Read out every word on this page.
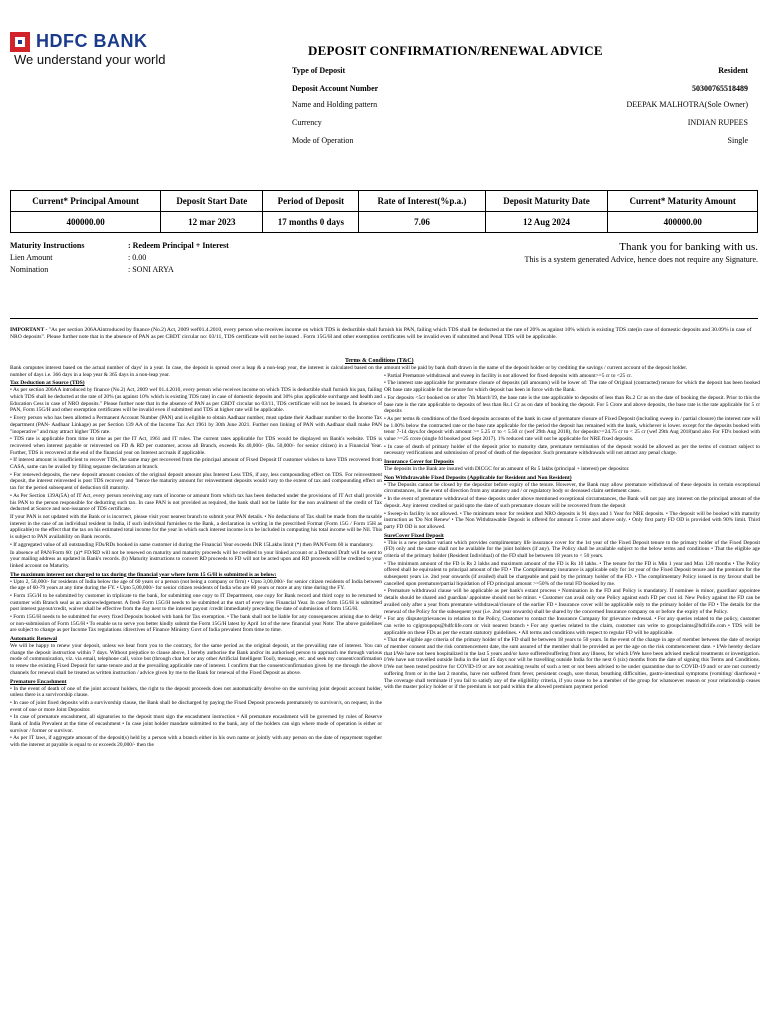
HDFC BANK
We understand your world
DEPOSIT CONFIRMATION/RENEWAL ADVICE
Type of Deposit	Resident
Deposit Account Number	50300765518489
Name and Holding pattern	DEEPAK MALHOTRA(Sole Owner)
Currency	INDIAN RUPEES
Mode of Operation	Single
Current* Principal Amount	Deposit Start Date	Period of Deposit	Rate of Interest(%p.a.)	Deposit Maturity Date	Current* Maturity Amount
400000.00	12 mar 2023	17 months 0 days	7.06	12 Aug 2024	400000.00
Maturity Instructions	: Redeem Principal + Interest
Lien Amount	: 0.00
Nomination	: SONI ARYA
Thank you for banking with us.
This is a system generated Advice, hence does not require any Signature.
IMPORTANT - "As per section 206AAintroduced by finance (No.2) Act, 2009 wef01.4.2010, every person who receives income on which TDS is deductible shall furnish his PAN, failing which TDS shall be deducted at the rate of 20% as against 10% which is existing TDS rate(in case of domestic deposits and 30.09% in case of NRO deposits". Please further note that in the absence of PAN as per CBDT circular no: 03/11, TDS certificate will not be issued . Form 15G/H and other exemption certificates will be invalid even if submitted and Penal TDS will be applicable.
Terms & Conditions (T&C)

Bank computes interest based on the actual number of days' in a year. In case, the deposit is spread over a leap & a non-leap year, the interest is calculated based on the number of days i.e. 366 days in a leap year & 365 days in a non-leap year.

Tax Deduction at Source (TDS)

• As per section 206AA introduced by finance (No.2) Act, 2009 wef 01.4.2010, every person who receives income on which TDS is deductible shall furnish his pan, failing which TDS shall be deducted at the rate of 20% (as against 10% which is existing TDS rate) in case of domestic deposits and 30% plus applicable surcharge and health and Education Cess in case of NRO deposits." Please further note that in the absence of PAN as per CBDT circular no 03/11, TDS certificate will not be issued. In absence of PAN, Form 15G/H and other exemption certificates will be invalid even if submitted and TDS at higher rate will be applicable.

• Every person who has been allotted a Permanent Account Number (PAN) and is eligible to obtain Aadhaar number, must update their Aadhaar number to the Income Tax department (PAN- Aadhaar Linkage) as per Section 139 AA of the Income Tax Act 1961 by 30th June 2021. Further non linking of PAN with Aadhaar shall make PAN "inoperative" and may attract higher TDS rate.

• TDS rate is applicable from time to time as per the IT Act, 1961 and IT rules. The current rates applicable for TDS would be displayed on Bank's website. TDS is recovered when interest payable or reinvested on FD & RD per customer, across all Branch, exceeds Rs 40,000/- (Rs. 50,000/- for senior citizen) in a Financial Year. Further, TDS is recovered at the end of the financial year on Interest accruals if applicable.

• If interest amount is insufficient to recover TDS, the same may get recovered from the principal amount of Fixed Deposit If customer wishes to have TDS recovered from CASA, same can be availed by filling separate declaration at branch.

• For renewed deposits, the new deposit amount consists of the original deposit amount plus Interest Less TDS, if any, less compounding effect on TDS. For reinvestment deposit, the interest reinvested is post TDS recovery and "hence the maturity amount for reinvestment deposits would vary to the extent of tax and compounding effect on tax for the period subsequent of deduction till maturity.

• As Per Section 139A(5A) of IT Act, every person receiving any sum of income or amount from which tax has been deducted under the provisions of IT Act shall provide his PAN to the person responsible for deducting such tax. In case PAN is not provided as required, the bank shall not be liable for the non availment of the credit of Tax deducted at Source and non-issuance of TDS certificate.

If your PAN is not updated with the Bank or is incorrect, please visit your nearest branch to submit your PAN details. • No deductions of Tax shall be made from the taxable interest in the case of an individual resident in India, if such individual furnishes to the Bank, a declaration in writing in the prescribed Format (Form 15G / Form 15H as applicable) to the effect that the tax on his estimated total income for the year in which such interest income is to be included in computing his total income will be Nil. This is subject to PAN availability on Bank records.

• If aggregated value of all outstanding FDs/RDs booked in same customer id during the Financial Year exceeds INR 15Lakhs limit (*) then PAN/Form 60 is mandatory.

In absence of PAN/Form 60: (a)* FD/RD will not be renewed on maturity and maturity proceeds will be credited to your linked account or a Demand Draft will be sent to your mailing address as updated in Bank's records. (b) Maturity instructions to convert RD proceeds to FD will not be acted upon and RD proceeds will be credited to your linked account on Maturity.

The maximum interest not charged to tax during the financial year where form 15 G/H is submitted is as below:

• Upto 2, 50,000/- for residents of India below the age of 60 years or a person (not being a company or firm) • Upto 3,00,000/- for senior citizen residents of India between the age of 60-79 years at any time during the FY. • Upto 5,00,000/- for senior citizen residents of India who are 80 years or more at any time during the FY.

• Form 15G/H to be submitted by customer in triplicate to the bank, for submitting one copy to IT Department, one copy for Bank record and third copy to be returned to customer with Branch seal as an acknowledgement. A fresh Form 15G/H needs to be submitted at the start of every new Financial Year. In case form 15G/H is submitted post interest payout/credit, waiver shall be effective from the day next to the interest payout /credit immediately preceding the date of submission of form 15G/H.

• Form 15G/H needs to be submitted for every fixed Deposits booked with bank for Tax exemption. • The bank shall not be liable for any consequences arising due to delay or non-submission of Form 15G/H • To enable us to serve you better kindly submit the Form 15G/H latest by April 1st of the new financial year Note: The above guidelines are subject to change as per Income Tax regulations /directives of Finance Ministry Govt of India prevalent from time to time.

Automatic Renewal

We will be happy to renew your deposit, unless we hear from you to the contrary, for the same period as the original deposit, at the prevailing rate of interest. You can change the deposit instruction within 7 days. Without prejudice to clause above, I hereby authorise the Bank and/or its authorised person to approach me through various mode of communication, viz. via email, telephone call, voice bot (through chat bot or any other Artificial Intelligent Tool), message, etc. and seek my consent/confirmation to renew the existing Fixed Deposit for same tenure and at the prevailing applicable rate of interest. I confirm that the consent/confirmation given by me through the above channels for renewal shall be treated as written instruction / advice given by me to the Bank for renewal of the Fixed Deposit as above.

Premature Encashment

• In the event of death of one of the joint account holders, the right to the deposit proceeds does not automatically devolve on the surviving joint deposit account holder, unless there is a survivorship clause.

• In case of joint fixed deposits with a survivorship clause, the Bank shall be discharged by paying the Fixed Deposit proceeds prematurely to survivor/s, on request, in the event of one or more Joint Depositor.

• In case of premature encashment, all signatories to the deposit must sign the encashment instruction • All premature encashment will be governed by rules of Reserve Bank of India Prevalent at the time of encashment • In case joint holder mandate submitted to the bank, any of the holders can sign where mode of operation is either or survivor / former or survivor.

• As per IT laws, if aggregate amount of the deposit(s) held by a person with a branch either in his own name or jointly with any person on the date of repayment together with the interest at payable is equal to or exceeds 20,000/- then the

amount will be paid by bank draft drawn in the name of the deposit holder or by crediting the savings / current account of the deposit holder.

• Partial Premature withdrawal and sweep in facility is not allowed for fixed deposits with amount>=5 cr to <25 cr.

• The interest rate applicable for premature closure of deposits (all amounts) will be lower of: The rate of Original (contracted) tenure for which the deposit has been booked OR base rate applicable for the tenure for which deposit has been in force with the Bank.

• For deposits <5cr booked on or after 7th March'19, the base rate is the rate applicable to deposits of less than Rs.2 Cr as on the date of booking the deposit. Prior to this the base rate is the rate applicable to deposits of less than Rs.1 Cr as on date of booking the deposit. For 5 Crore and above deposits, the base rate is the rate applicable for 5 cr deposits

• As per terms & conditions of the fixed deposits accounts of the bank in case of premature closure of Fixed Deposit (including sweep in / partial closure) the interest rate will be 1.00% below the contracted rate or the base rate applicable for the period the deposit has remained with the bank, whichever is lower. except for the deposits booked with tenor 7-14 days.for deposit with amount >= 5.25 cr to < 5.50 cr (wef 29th Aug 2018), for deposits>=24.75 cr to < 25 cr (wef 29th Aug 2018)and also For FD's booked with value >=25 crore (single fd booked post Sept 2017). 1% reduced rate will not be applicable for NRE fixed deposits.

• In case of death of primary holder of the deposit prior to maturity date, premature termination of the deposit would be allowed as per the terms of contract subject to necessary verifications and submission of proof of death of the depositor. Such premature withdrawals will not attract any penal charge.

Insurance Cover for Deposits

The deposits in the Bank are insured with DICGC for an amount of Rs 5 lakhs (principal + interest) per depositor.

Non Withdrawable Fixed Deposits (Applicable for Resident and Non Resident)

• The Deposits cannot be closed by the depositor before expiry of the tenure. However, the Bank may allow premature withdrawal of these deposits in certain exceptional circumstances, in the event of direction from any statutory and / or regulatory body or deceased claim settlement cases.

• In the event of premature withdrawal of these deposits under above mentioned exceptional circumstances, the Bank will not pay any interest on the principal amount of the deposit. Any interest credited or paid upto the date of such premature closure will be recovered from the deposit

• Sweep-in facility is not allowed. • The minimum tenor for resident and NRO deposits is 91 days and 1 Year for NRE deposits. • The deposit will be booked with maturity instruction as 'Do Not Renew' • The Non Withdrawable Deposit is offered for amount 5 crore and above only. • Only first party FD OD is provided with 90% limit. Third party FD OD is not allowed.

SureCover Fixed Deposit

• This is a new product variant which provides complimentary life insurance cover for the 1st year of the Fixed Deposit tenure to the primary holder of the Fixed Deposit (FD) only and the same shall not be available for the joint holders (if any). The Policy shall be available subject to the below terms and conditions • That the eligible age criteria of the primary holder (Resident Individual) of the FD shall be between 18 years to < 50 years.

• The minimum amount of the FD is Rs 2 lakhs and maximum amount of the FD is Rs 10 lakhs. • The tenure for the FD is Min 1 year and Max 120 months • The Policy offered shall be equivalent to principal amount of the FD • The Complimentary insurance is applicable only for 1st year of the Fixed Deposit tenure and the premium for the subsequent years i.e. 2nd year onwards (if availed) shall be chargeable and paid by the primary holder of the FD. • The complimentary Policy issued in my favour shall be cancelled upon premature/partial liquidation of FD principal amount >=50% of the total FD booked by me.

• Premature withdrawal clause will be applicable as per bank's extant process • Nomination in the FD and Policy is mandatory. If nominee is minor, guardian/ appointee details should be shared and guardian/ appointee should not be minor. • Customer can avail only one Policy against each FD per cust id. New Policy against the FD can be availed only after a year from premature withdrawal/closure of the earlier FD • Insurance cover will be applicable only to the primary holder of the FD • The details for the renewal of the Policy for the subsequent year (i.e. 2nd year onwards) shall be shared by the concerned Insurance company on or before the expiry of the Policy.

• For any dispute/grievances in relation to the Policy, Customer to contact the Insurance Company for grievance redressal. • For any queries related to the policy, customer can write to cgigroupops@hdfclife.com or visit nearest branch • For any queries related to the claim, customer can write to groupclaims@hdfclife.com • TDS will be applicable on these FDs as per the extant statutory guidelines. • All terms and conditions with respect to regular FD will be applicable.

• That the eligible age criteria of the primary holder of the FD shall be between 18 years to 50 years. In the event of the change in age of member between the date of receipt of member consent and the risk commencement date, the sum assured of the member shall be provided as per the age on the risk commencement date. • I/We hereby declare that I/We have not been hospitalized in the last 5 years and/or have suffered/suffering from any illness, for which I/We have been advised medical treatments or investigation. I/We have not travelled outside India in the last 45 days nor will be travelling outside India for the next 6 (six) months from the date of signing this Terms and Conditions. I/We not been tested positive for COVID-19 or are not awaiting results of such a test or not been advised to be under quarantine due to COVID-19 and/ or are not currently suffering from or in the last 2 months, have not suffered from fever, persistent cough, sore throat, breathing difficulties, gastro-intestinal symptoms (vomiting/ diarrhoea) • The coverage shall terminate if you fail to satisfy any of the eligibility criteria, if you cease to be a member of the group for whatsoever reason or your relationship ceases with the master policy holder or if the premium is not paid within the allowed premium payment period
